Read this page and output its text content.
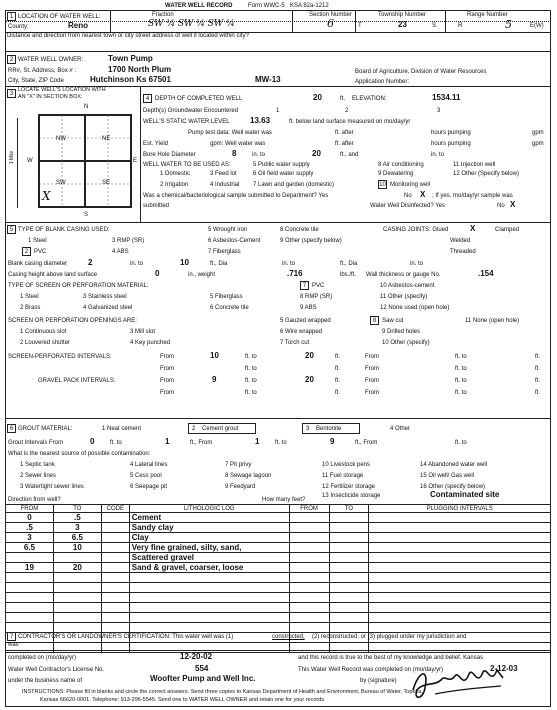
WATER WELL RECORD	Form WWC-5 KSA 82a-1212
1 LOCATION OF WATER WELL:	Fraction
SW ¼ SW ¼ SW ¼
Section Number
6
Township Number
T	23	S
Range Number
R	5	E(W)
County:	Reno
Distance and direction from nearest town or city street address of well if located within city?
2 WATER WELL OWNER:	Town Pump
RR#, St. Address, Box # :	1700 North Plum
City, State, ZIP Code	Hutchinson Ks 67501
Board of Agriculture, Division of Water Resources
MW-13	Application Number:
3
LOCATE WELL'S LOCATION WITH
AN "X" IN SECTION BOX:
N
S
W	E
1 Mile
NW	NE
SW	SE
X
4 DEPTH OF COMPLETED WELL	20	ft. ELEVATION:	1534.11
Depth(s) Groundwater Encountered	1	2	3
WELL'S STATIC WATER LEVEL	13.63	ft. below land surface measured on mo/day/yr
Pump test data: Well water was	ft. after	hours pumping	gpm
Est. Yield	gpm: Well water was	ft. after	hours pumping	gpm
Bore Hole Diameter	8	in. to	20	ft., and	in. to
WELL WATER TO BE USED AS:	5 Public water supply	8 Air conditioning	11 Injection well
1 Domestic	3 Feed lot	6 Oil field water supply	9 Dewatering	12 Other (Specify below)
2 Irrigation	4 Industrial 7 Lawn and garden (domestic)	10 Monitoring well
Was a chemical/bacteriological sample submitted to Department? Yes	No X ; If yes, mo/day/yr sample was
submitted	Water Well Disinfected? Yes	No X
5 TYPE OF BLANK CASING USED:	5 Wrought iron	8 Concrete tile	CASING JOINTS: Glued	X	Clamped
1 Steel	3 RMP (SR)	6 Asbestos-Cement	9 Other (specify below)	Welded
2 PVC	4 ABS	7 Fiberglass	Threaded
Blank casing diameter	2	in. to	10	ft., Dia	in. to	ft., Dia	in. to
Casing height above land surface	0	in., weight	.716	lbs./ft. Wall thickness or gauge No.	.154
TYPE OF SCREEN OR PERFORATION MATERIAL:	7 PVC	10 Asbestos-cement
1 Steel	3 Stainless steel	5 Fiberglass	8 RMP (SR)	11 Other (specify)
2 Brass	4 Galvanized steel	6 Concrete tile	9 ABS	12 None used (open hole)
SCREEN OR PERFORATION OPENINGS ARE:	5 Gauzed wrapped	8 Saw cut	11 None (open hole)
1 Continuous slot	3 Mill slot	6 Wire wrapped	9 Drilled holes
2 Louvered shutter	4 Key punched	7 Torch cut	10 Other (specify)
SCREEN-PERFORATED INTERVALS:	From	10	ft. to	20	ft.	From	ft. to	ft.
From	ft. to	ft.	From	ft. to	ft.
GRAVEL PACK INTERVALS:	From	9	ft. to	20	ft.	From	ft. to	ft.
From	ft. to	ft.	From	ft. to	ft.
6 GROUT MATERIAL:	1 Neat cement	2 Cement grout	3 Bentonite	4 Other
Grout Intervals From	0	ft. to	1	ft., From	1	ft. to	9	ft., From	ft. to
What is the nearest source of possible contamination:
1 Septic tank	4 Lateral lines	7 Pit privy	10 Livestock pens	14 Abandoned water well
2 Sewer lines	5 Cess pool	8 Sewage lagoon	11 Fuel storage	15 Oil well/ Gas well
3 Watertight sewer lines	6 Seepage pit	9 Feedyard	12 Fertilizer storage
13 Insecticide storage
16 Other (specify below)
Contaminated site
Direction from well?	How many feet?
FROM	TO	CODE	LITHOLOGIC LOG	FROM	TO	PLUGGING INTERVALS
0	.5		Cement			
.5	3		Sandy clay			
3	6.5		Clay			
6.5	10		Very fine grained, silty, sand,			
			Scattered gravel			
19	20		Sand & gravel, coarser, loose			

7 CONTRACTOR'S OR LANDOWNER'S CERTIFICATION: This water well was (1)	constructed, (2) reconstructed, or (3) plugged under my jurisdiction and
was
completed on (mo/day/yr)	12-20-02	and this record is true to the best of my knowledge and belief. Kansas
Water Well Contractor's License No.	554	This Water Well Record was completed on (mo/day/yr)	2-12-03
under the business name of	Woofter Pump and Well Inc.	by (signature)
INSTRUCTIONS: Please fill in blanks and circle the correct answers. Send three copies to Kansas Department of Health and Environment, Bureau of Water, Topeka,
Kansas 66620-0001. Telephone: 913-296-5545. Send one to WATER WELL OWNER and retain one for your records.
